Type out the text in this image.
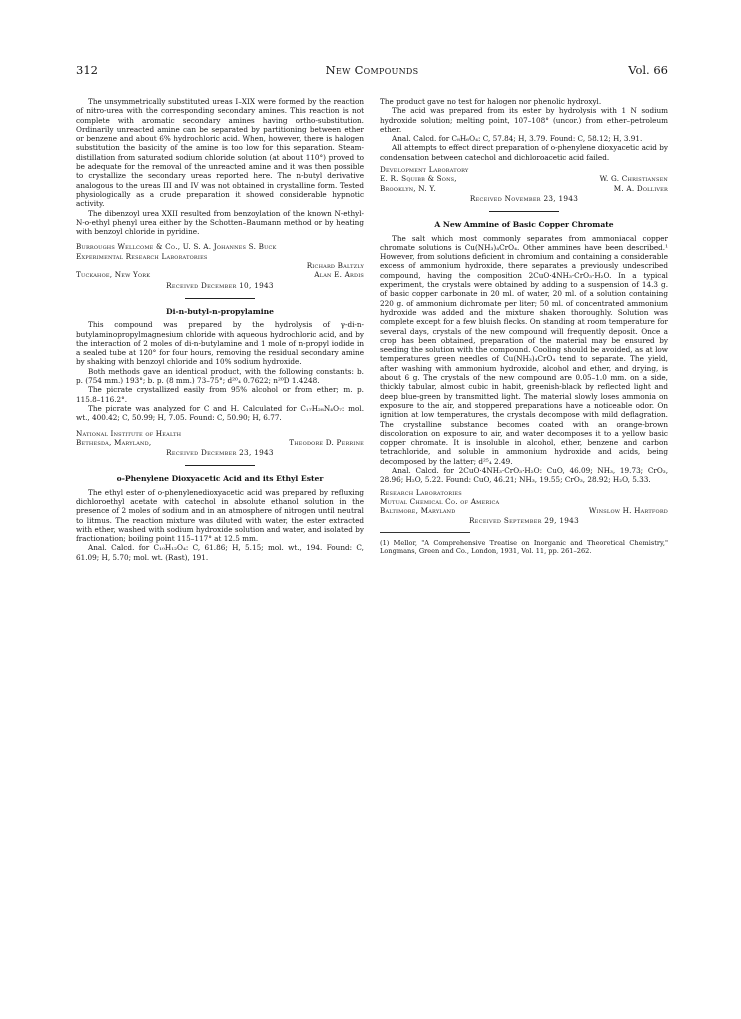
312	New Compounds	Vol. 66

The unsymmetrically substituted ureas I–XIX were formed by the reaction of nitro-urea with the corresponding secondary amines. This reaction is not complete with aromatic secondary amines having ortho-substitution. Ordinarily unreacted amine can be separated by partitioning between ether or benzene and about 6% hydrochloric acid. When, however, there is halogen substitution the basicity of the amine is too low for this separation. Steam-distillation from saturated sodium chloride solution (at about 110°) proved to be adequate for the removal of the unreacted amine and it was then possible to crystallize the secondary ureas reported here. The n-butyl derivative analogous to the ureas III and IV was not obtained in crystalline form. Tested physiologically as a crude preparation it showed considerable hypnotic activity.

The dibenzoyl urea XXII resulted from benzoylation of the known N-ethyl-N-o-ethyl phenyl urea either by the Schotten–Baumann method or by heating with benzoyl chloride in pyridine.

Burroughs Wellcome & Co., U. S. A. Johannes S. Buck

Experimental Research Laboratories

Richard Baltzly

Tuckahoe, New York	Alan E. Ardis

Received December 10, 1943

Di-n-butyl-n-propylamine

This compound was prepared by the hydrolysis of γ-di-n-butylaminopropylmagnesium chloride with aqueous hydrochloric acid, and by the interaction of 2 moles of di-n-butylamine and 1 mole of n-propyl iodide in a sealed tube at 120° for four hours, removing the residual secondary amine by shaking with benzoyl chloride and 10% sodium hydroxide.

Both methods gave an identical product, with the following constants: b. p. (754 mm.) 193°; b. p. (8 mm.) 73–75°; d²⁰₄ 0.7622; n²⁰D 1.4248.

The picrate crystallized easily from 95% alcohol or from ether; m. p. 115.8–116.2°.

The picrate was analyzed for C and H. Calculated for C₁₇H₂₈N₄O₇: mol. wt., 400.42; C, 50.99; H, 7.05. Found: C, 50.90; H, 6.77.

National Institute of Health

Bethesda, Maryland,	Theodore D. Perrine

Received December 23, 1943

o-Phenylene Dioxyacetic Acid and its Ethyl Ester

The ethyl ester of o-phenylenedioxyacetic acid was prepared by refluxing dichloroethyl acetate with catechol in absolute ethanol solution in the presence of 2 moles of sodium and in an atmosphere of nitrogen until neutral to litmus. The reaction mixture was diluted with water, the ester extracted with ether, washed with sodium hydroxide solution and water, and isolated by fractionation; boiling point 115–117° at 12.5 mm.

Anal. Calcd. for C₁₀H₁₂O₄: C, 61.86; H, 5.15; mol. wt., 194. Found: C, 61.09; H, 5.70; mol. wt. (Rast), 191.

The product gave no test for halogen nor phenolic hydroxyl.

The acid was prepared from its ester by hydrolysis with 1 N sodium hydroxide solution; melting point, 107–108° (uncor.) from ether–petroleum ether.

Anal. Calcd. for C₈H₆O₄: C, 57.84; H, 3.79. Found: C, 58.12; H, 3.91.

All attempts to effect direct preparation of o-phenylene dioxyacetic acid by condensation between catechol and dichloroacetic acid failed.

Development Laboratory

E. R. Squibb & Sons,	W. G. Christiansen
Brooklyn, N. Y.	M. A. Dolliver

Received November 23, 1943

A New Ammine of Basic Copper Chromate

The salt which most commonly separates from ammoniacal copper chromate solutions is Cu(NH₃)₄CrO₄. Other ammines have been described.¹ However, from solutions deficient in chromium and containing a considerable excess of ammonium hydroxide, there separates a previously undescribed compound, having the composition 2CuO·4NH₃·CrO₃·H₂O. In a typical experiment, the crystals were obtained by adding to a suspension of 14.3 g. of basic copper carbonate in 20 ml. of water, 20 ml. of a solution containing 220 g. of ammonium dichromate per liter; 50 ml. of concentrated ammonium hydroxide was added and the mixture shaken thoroughly. Solution was complete except for a few bluish flecks. On standing at room temperature for several days, crystals of the new compound will frequently deposit. Once a crop has been obtained, preparation of the material may be ensured by seeding the solution with the compound. Cooling should be avoided, as at low temperatures green needles of Cu(NH₃)₄CrO₄ tend to separate. The yield, after washing with ammonium hydroxide, alcohol and ether, and drying, is about 6 g. The crystals of the new compound are 0.05–1.0 mm. on a side, thickly tabular, almost cubic in habit, greenish-black by reflected light and deep blue-green by transmitted light. The material slowly loses ammonia on exposure to the air, and stoppered preparations have a noticeable odor. On ignition at low temperatures, the crystals decompose with mild deflagration. The crystalline substance becomes coated with an orange-brown discoloration on exposure to air, and water decomposes it to a yellow basic copper chromate. It is insoluble in alcohol, ether, benzene and carbon tetrachloride, and soluble in ammonium hydroxide and acids, being decomposed by the latter; d²⁵₄ 2.49.

Anal. Calcd. for 2CuO·4NH₃·CrO₃·H₂O: CuO, 46.09; NH₃, 19.73; CrO₃, 28.96; H₂O, 5.22. Found: CuO, 46.21; NH₃, 19.55; CrO₃, 28.92; H₂O, 5.33.

Research Laboratories

Mutual Chemical Co. of America

Baltimore, Maryland	Winslow H. Hartford

Received September 29, 1943

(1) Mellor, "A Comprehensive Treatise on Inorganic and Theoretical Chemistry," Longmans, Green and Co., London, 1931, Vol. 11, pp. 261–262.
